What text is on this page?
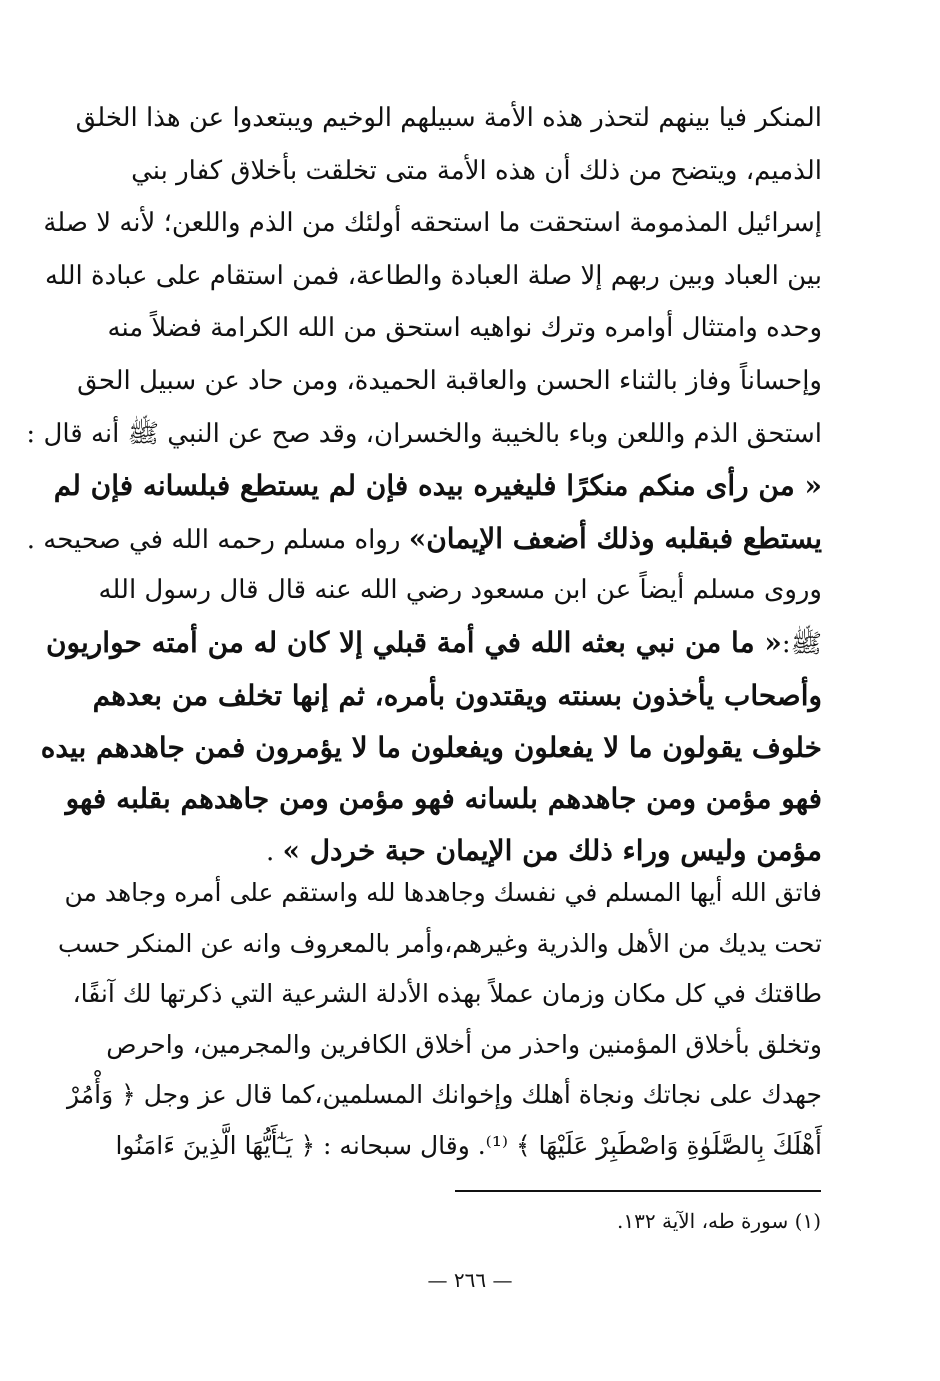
المنكر فيا بينهم لتحذر هذه الأمة سبيلهم الوخيم ويبتعدوا عن هذا الخلق
الذميم، ويتضح من ذلك أن هذه الأمة متى تخلقت بأخلاق كفار بني
إسرائيل المذمومة استحقت ما استحقه أولئك من الذم واللعن؛ لأنه لا صلة
بين العباد وبين ربهم إلا صلة العبادة والطاعة، فمن استقام على عبادة الله
وحده وامتثال أوامره وترك نواهيه استحق من الله الكرامة فضلاً منه
وإحساناً وفاز بالثناء الحسن والعاقبة الحميدة، ومن حاد عن سبيل الحق
استحق الذم واللعن وباء بالخيبة والخسران، وقد صح عن النبي ﷺ أنه قال :
« من رأى منكم منكرًا فليغيره بيده فإن لم يستطع فبلسانه فإن لم
يستطع فبقلبه وذلك أضعف الإيمان» رواه مسلم رحمه الله في صحيحه .
وروى مسلم أيضاً عن ابن مسعود رضي الله عنه قال قال رسول الله
ﷺ:« ما من نبي بعثه الله في أمة قبلي إلا كان له من أمته حواريون
وأصحاب يأخذون بسنته ويقتدون بأمره، ثم إنها تخلف من بعدهم
خلوف يقولون ما لا يفعلون ويفعلون ما لا يؤمرون فمن جاهدهم بيده
فهو مؤمن ومن جاهدهم بلسانه فهو مؤمن ومن جاهدهم بقلبه فهو
مؤمن وليس وراء ذلك من الإيمان حبة خردل » .
فاتق الله أيها المسلم في نفسك وجاهدها لله واستقم على أمره وجاهد من
تحت يديك من الأهل والذرية وغيرهم،وأمر بالمعروف وانه عن المنكر حسب
طاقتك في كل مكان وزمان عملاً بهذه الأدلة الشرعية التي ذكرتها لك آنفًا،
وتخلق بأخلاق المؤمنين واحذر من أخلاق الكافرين والمجرمين، واحرص
جهدك على نجاتك ونجاة أهلك وإخوانك المسلمين،كما قال عز وجل ﴿ وَأْمُرْ
أَهْلَكَ بِالصَّلَوٰةِ وَاصْطَبِرْ عَلَيْهَا ﴾ ⁽¹⁾. وقال سبحانه : ﴿ يَـٰٓأَيُّهَا الَّذِينَ ءَامَنُوا
(١) سورة طه، الآية ١٣٢.
— ٢٦٦ —
